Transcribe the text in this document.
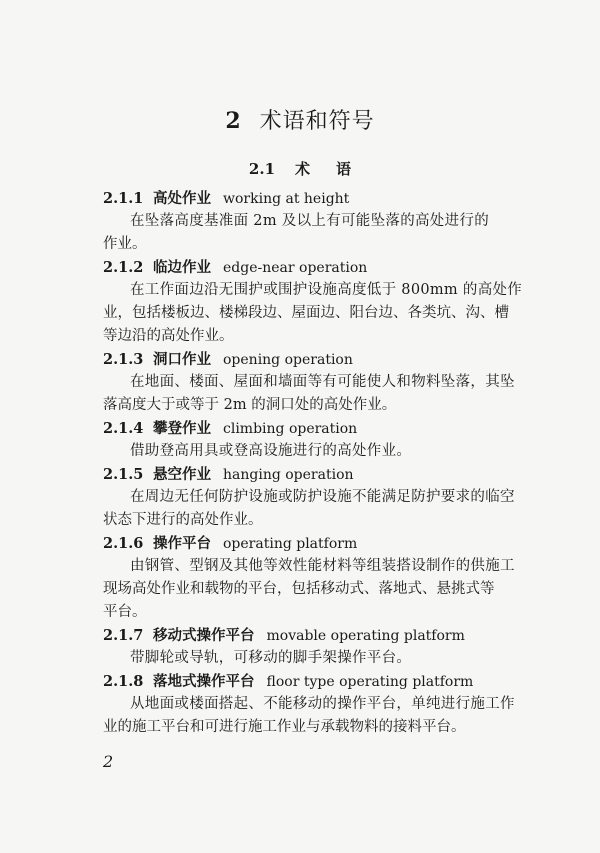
2 术语和符号
2.1 术 语
2.1.1 高处作业 working at height
在坠落高度基准面 2m 及以上有可能坠落的高处进行的
作业。
2.1.2 临边作业 edge-near operation
在工作面边沿无围护或围护设施高度低于 800mm 的高处作
业，包括楼板边、楼梯段边、屋面边、阳台边、各类坑、沟、槽
等边沿的高处作业。
2.1.3 洞口作业 opening operation
在地面、楼面、屋面和墙面等有可能使人和物料坠落，其坠
落高度大于或等于 2m 的洞口处的高处作业。
2.1.4 攀登作业 climbing operation
借助登高用具或登高设施进行的高处作业。
2.1.5 悬空作业 hanging operation
在周边无任何防护设施或防护设施不能满足防护要求的临空
状态下进行的高处作业。
2.1.6 操作平台 operating platform
由钢管、型钢及其他等效性能材料等组装搭设制作的供施工
现场高处作业和载物的平台，包括移动式、落地式、悬挑式等
平台。
2.1.7 移动式操作平台 movable operating platform
带脚轮或导轨，可移动的脚手架操作平台。
2.1.8 落地式操作平台 floor type operating platform
从地面或楼面搭起、不能移动的操作平台，单纯进行施工作
业的施工平台和可进行施工作业与承载物料的接料平台。
2
